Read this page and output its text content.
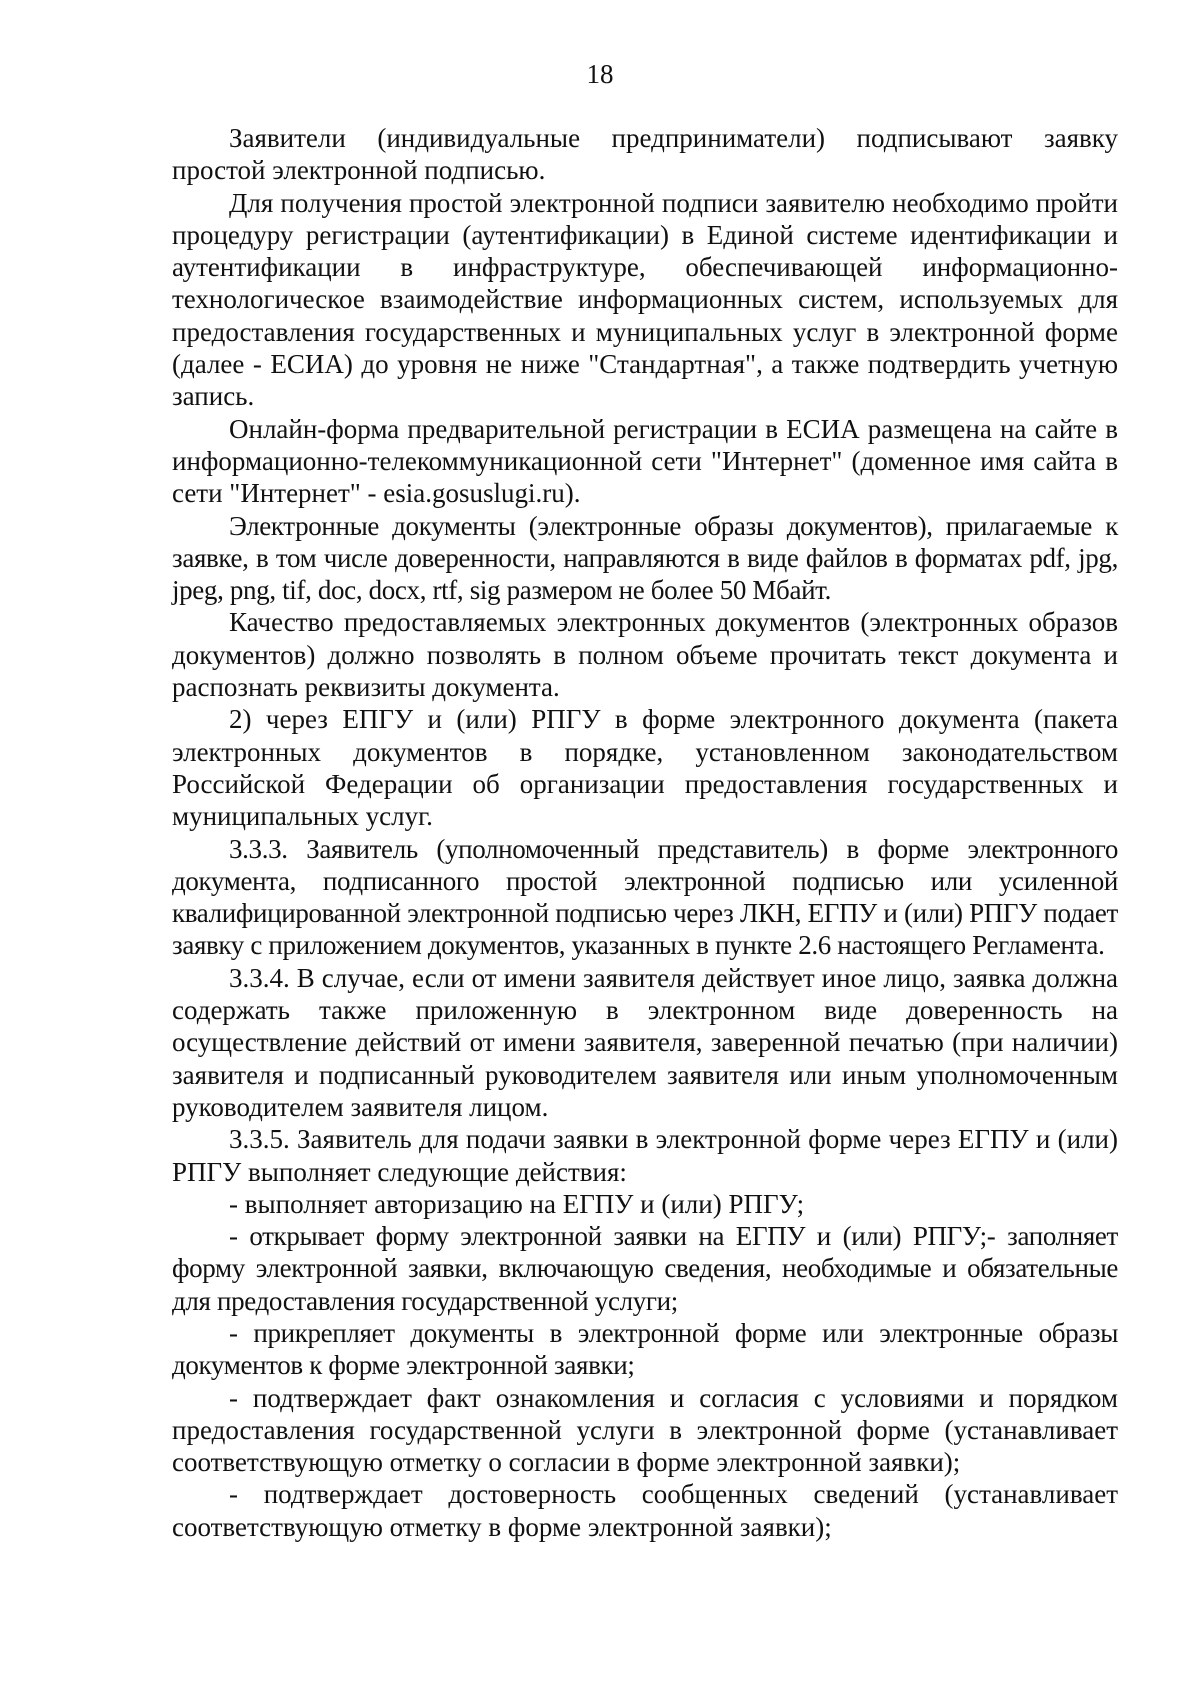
18

Заявители (индивидуальные предприниматели) подписывают заявку простой электронной подписью.

Для получения простой электронной подписи заявителю необходимо пройти процедуру регистрации (аутентификации) в Единой системе идентификации и аутентификации в инфраструктуре, обеспечивающей информационно-технологическое взаимодействие информационных систем, используемых для предоставления государственных и муниципальных услуг в электронной форме (далее - ЕСИА) до уровня не ниже "Стандартная", а также подтвердить учетную запись.

Онлайн-форма предварительной регистрации в ЕСИА размещена на сайте в информационно-телекоммуникационной сети "Интернет" (доменное имя сайта в сети "Интернет" - esia.gosuslugi.ru).

Электронные документы (электронные образы документов), прилагаемые к заявке, в том числе доверенности, направляются в виде файлов в форматах pdf, jpg, jpeg, png, tif, doc, docx, rtf, sig размером не более 50 Мбайт.

Качество предоставляемых электронных документов (электронных образов документов) должно позволять в полном объеме прочитать текст документа и распознать реквизиты документа.

2) через ЕПГУ и (или) РПГУ в форме электронного документа (пакета электронных документов в порядке, установленном законодательством Российской Федерации об организации предоставления государственных и муниципальных услуг.

3.3.3. Заявитель (уполномоченный представитель) в форме электронного документа, подписанного простой электронной подписью или усиленной квалифицированной электронной подписью через ЛКН, ЕГПУ и (или) РПГУ подает заявку с приложением документов, указанных в пункте 2.6 настоящего Регламента.

3.3.4. В случае, если от имени заявителя действует иное лицо, заявка должна содержать также приложенную в электронном виде доверенность на осуществление действий от имени заявителя, заверенной печатью (при наличии) заявителя и подписанный руководителем заявителя или иным уполномоченным руководителем заявителя лицом.

3.3.5. Заявитель для подачи заявки в электронной форме через ЕГПУ и (или) РПГУ выполняет следующие действия:

- выполняет авторизацию на ЕГПУ и (или) РПГУ;

- открывает форму электронной заявки на ЕГПУ и (или) РПГУ;- заполняет форму электронной заявки, включающую сведения, необходимые и обязательные для предоставления государственной услуги;

- прикрепляет документы в электронной форме или электронные образы документов к форме электронной заявки;

- подтверждает факт ознакомления и согласия с условиями и порядком предоставления государственной услуги в электронной форме (устанавливает соответствующую отметку о согласии в форме электронной заявки);

- подтверждает достоверность сообщенных сведений (устанавливает соответствующую отметку в форме электронной заявки);
